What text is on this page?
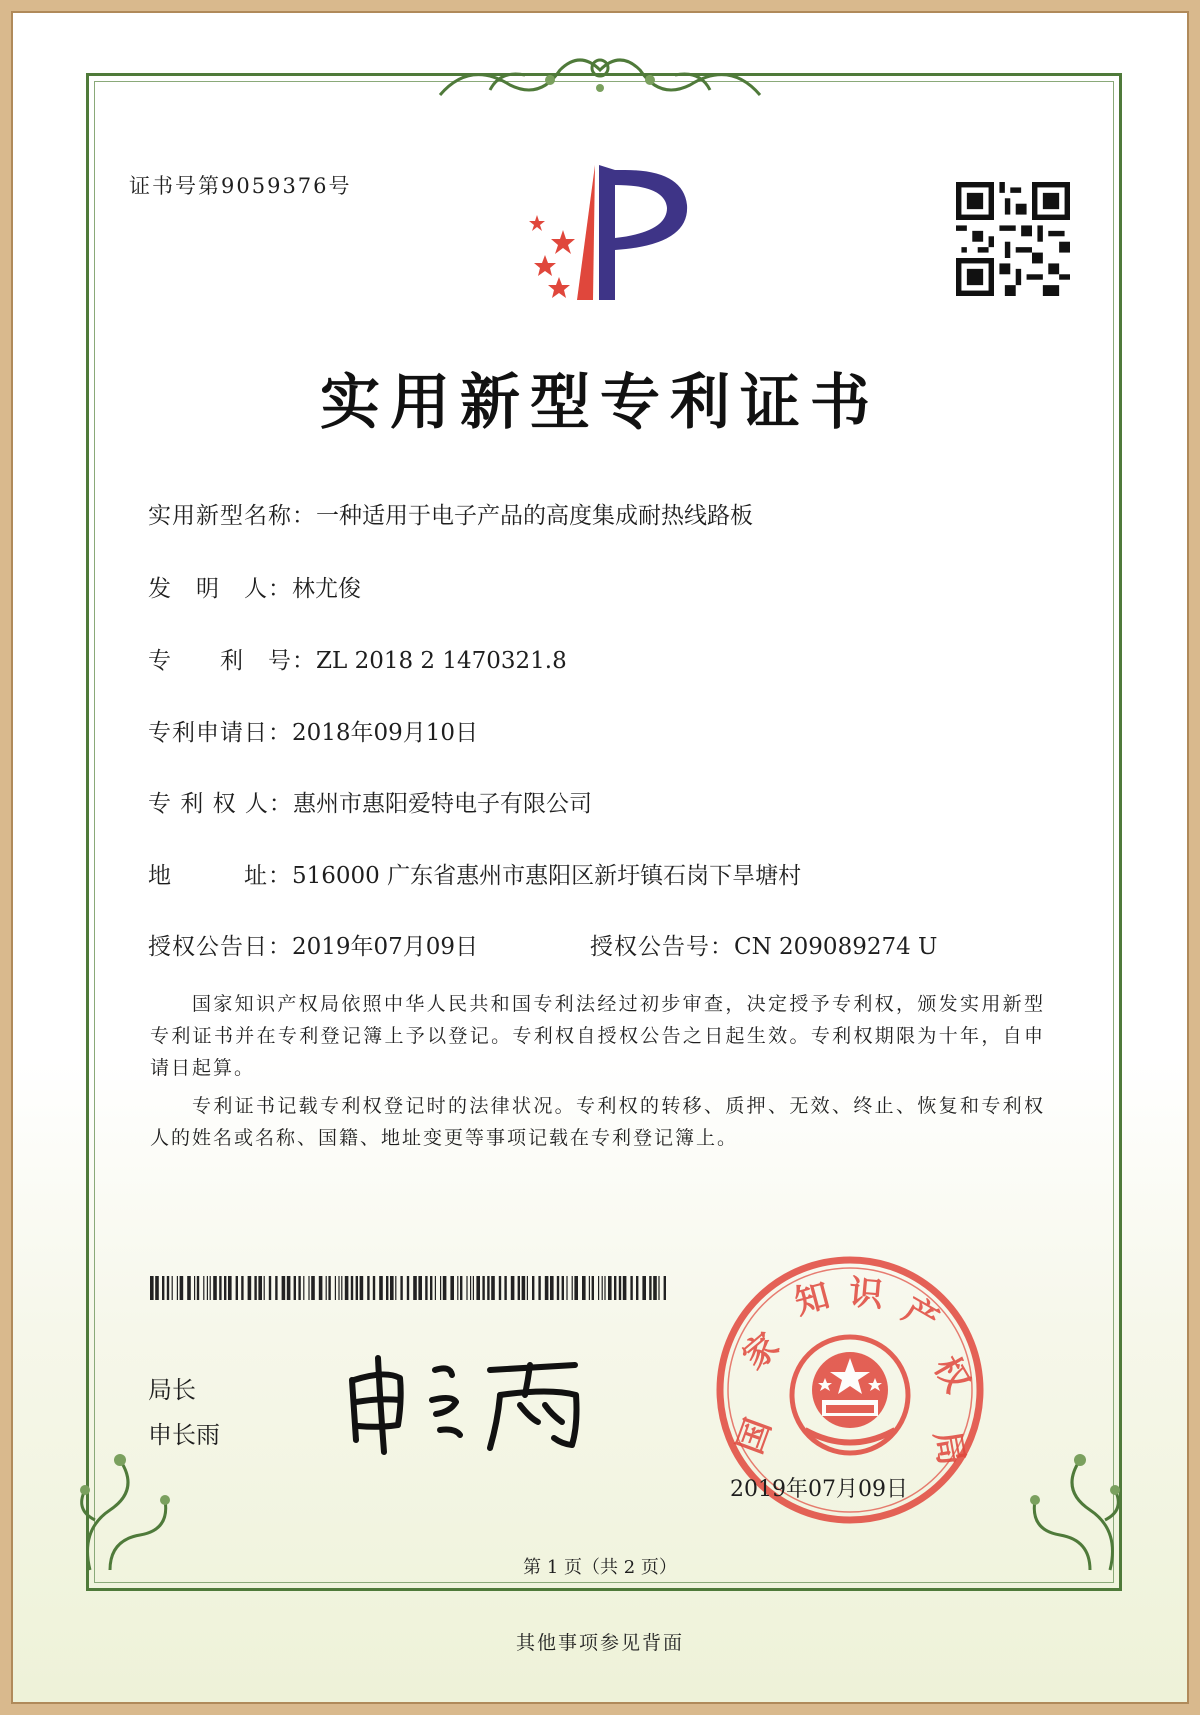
证书号第9059376号
实用新型专利证书
实用新型名称：一种适用于电子产品的高度集成耐热线路板
发　明　人：林尤俊
专　　利　号：ZL 2018 2 1470321.8
专利申请日：2018年09月10日
专 利 权 人：惠州市惠阳爱特电子有限公司
地　　　址：516000 广东省惠州市惠阳区新圩镇石岗下旱塘村
授权公告日：2019年07月09日	授权公告号：CN 209089274 U
国家知识产权局依照中华人民共和国专利法经过初步审查，决定授予专利权，颁发实用新型专利证书并在专利登记簿上予以登记。专利权自授权公告之日起生效。专利权期限为十年，自申请日起算。
专利证书记载专利权登记时的法律状况。专利权的转移、质押、无效、终止、恢复和专利权人的姓名或名称、国籍、地址变更等事项记载在专利登记簿上。
局长
申长雨	国
家
知 识 产
权
局
2019年07月09日
第 1 页（共 2 页）
其他事项参见背面
